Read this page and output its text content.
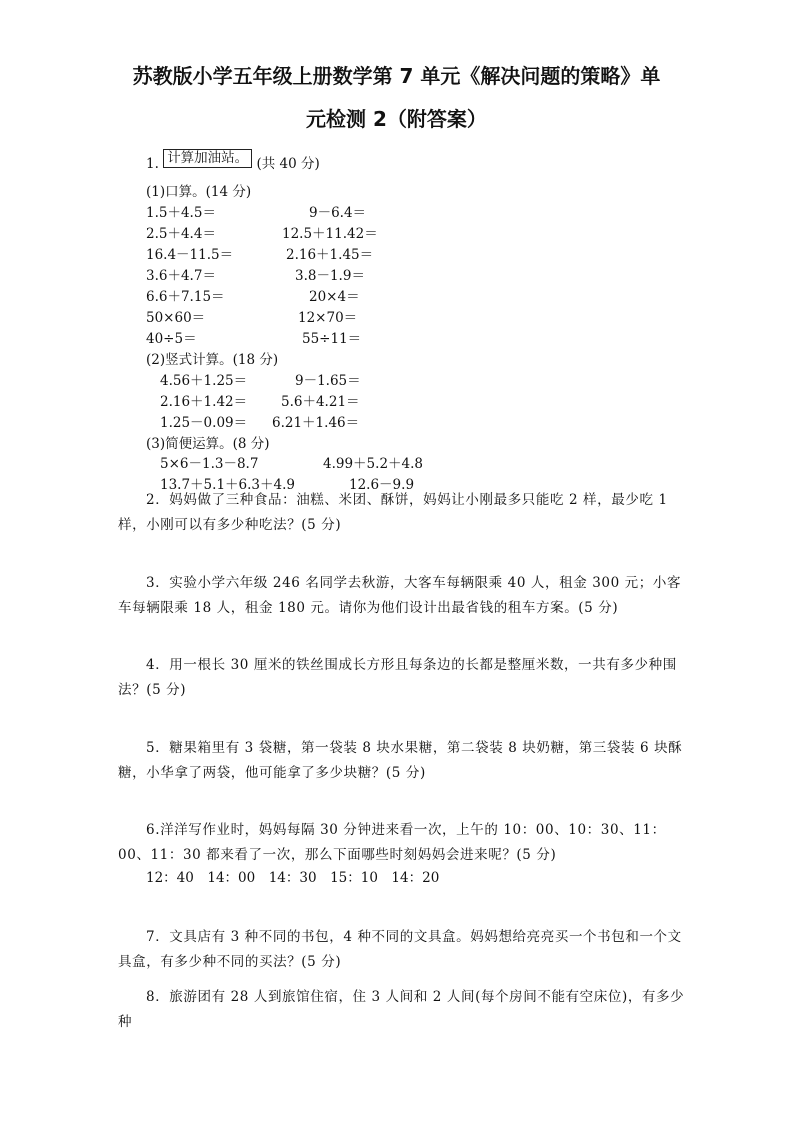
苏教版小学五年级上册数学第 7 单元《解决问题的策略》单
元检测 2（附答案）
1. 计算加油站。 (共 40 分)
(1)口算。(14 分)
1.5＋4.5＝	9－6.4＝
2.5＋4.4＝	12.5＋11.42＝
16.4－11.5＝	2.16＋1.45＝
3.6＋4.7＝	3.8－1.9＝
6.6＋7.15＝	20×4＝
50×60＝	12×70＝
40÷5＝	55÷11＝
(2)竖式计算。(18 分)
4.56＋1.25＝	9－1.65＝
2.16＋1.42＝	5.6＋4.21＝
1.25－0.09＝ 6.21＋1.46＝
(3)简便运算。(8 分)
5×6－1.3－8.7	4.99＋5.2＋4.8
13.7＋5.1＋6.3＋4.9	12.6－9.9
2．妈妈做了三种食品：油糕、米团、酥饼，妈妈让小刚最多只能吃 2 样，最少吃 1 样，小刚可以有多少种吃法？(5 分)
3．实验小学六年级 246 名同学去秋游，大客车每辆限乘 40 人，租金 300 元；小客车每辆限乘 18 人，租金 180 元。请你为他们设计出最省钱的租车方案。(5 分)
4．用一根长 30 厘米的铁丝围成长方形且每条边的长都是整厘米数，一共有多少种围法？(5 分)
5．糖果箱里有 3 袋糖，第一袋装 8 块水果糖，第二袋装 8 块奶糖，第三袋装 6 块酥糖，小华拿了两袋，他可能拿了多少块糖？(5 分)
6.洋洋写作业时，妈妈每隔 30 分钟进来看一次，上午的 10：00、10：30、11：00、11：30 都来看了一次，那么下面哪些时刻妈妈会进来呢？(5 分)
12：40　14：00　14：30　15：10　14：20
7．文具店有 3 种不同的书包，4 种不同的文具盒。妈妈想给亮亮买一个书包和一个文具盒，有多少种不同的买法？(5 分)
8．旅游团有 28 人到旅馆住宿，住 3 人间和 2 人间(每个房间不能有空床位)，有多少种
